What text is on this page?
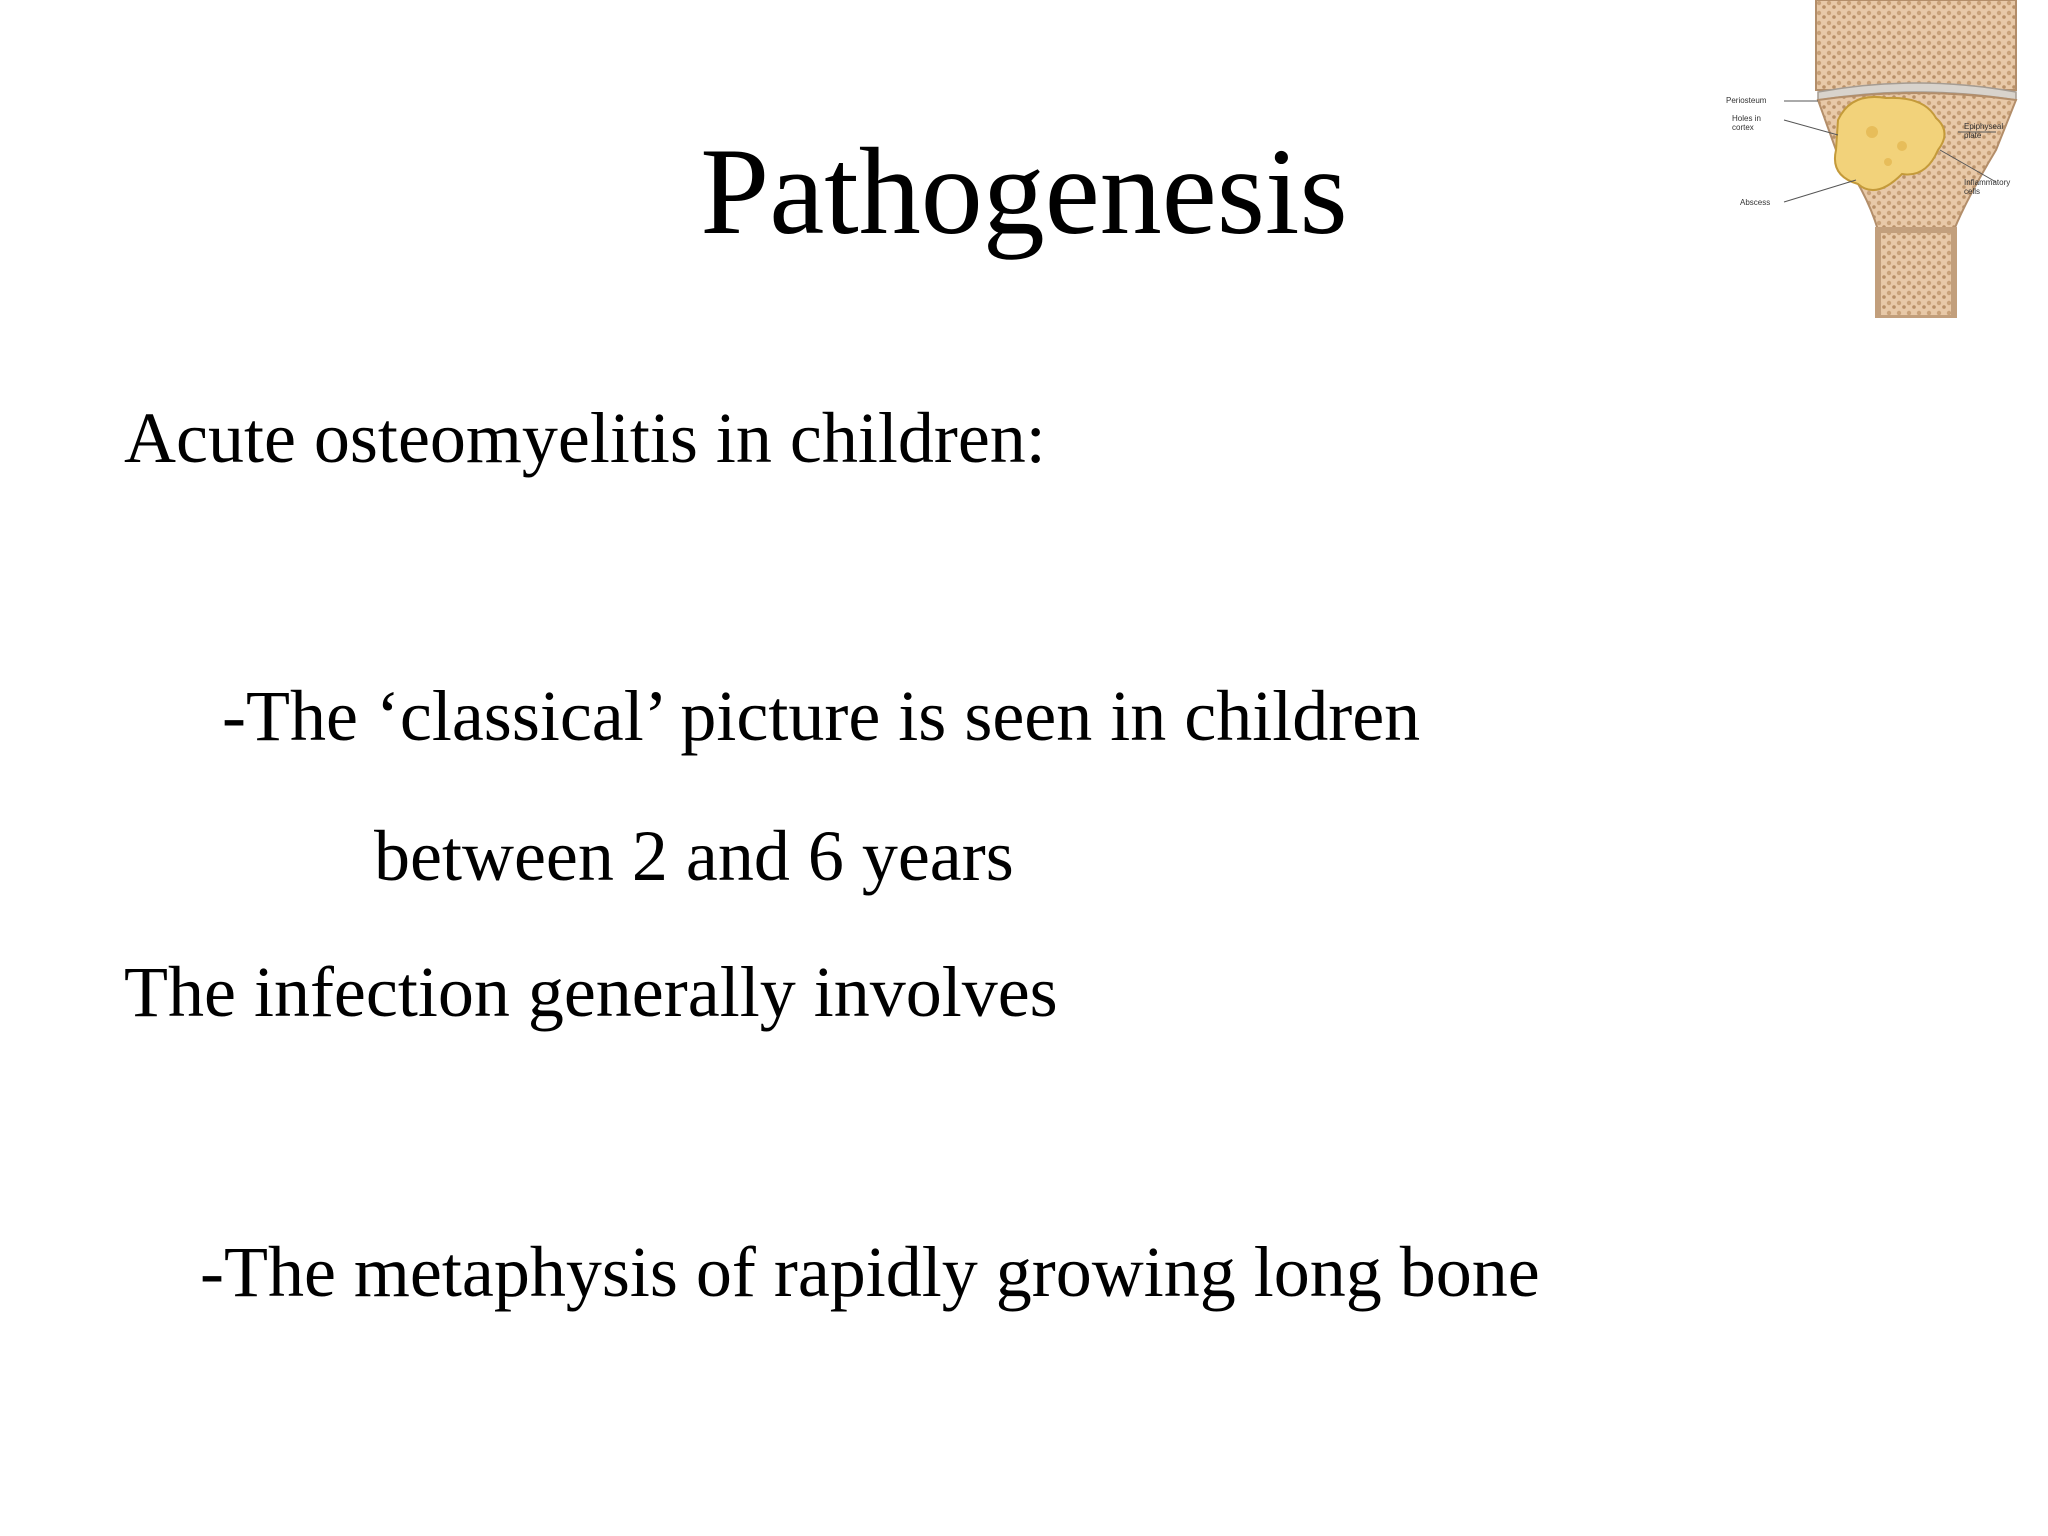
Pathogenesis
Acute osteomyelitis in children:
-The ‘classical’ picture is seen in children
between 2 and 6 years
The infection generally involves
-The metaphysis of rapidly growing long bone
Periosteum
Holes in cortex
Abscess
Epiphyseal plate
Inflammatory cells
